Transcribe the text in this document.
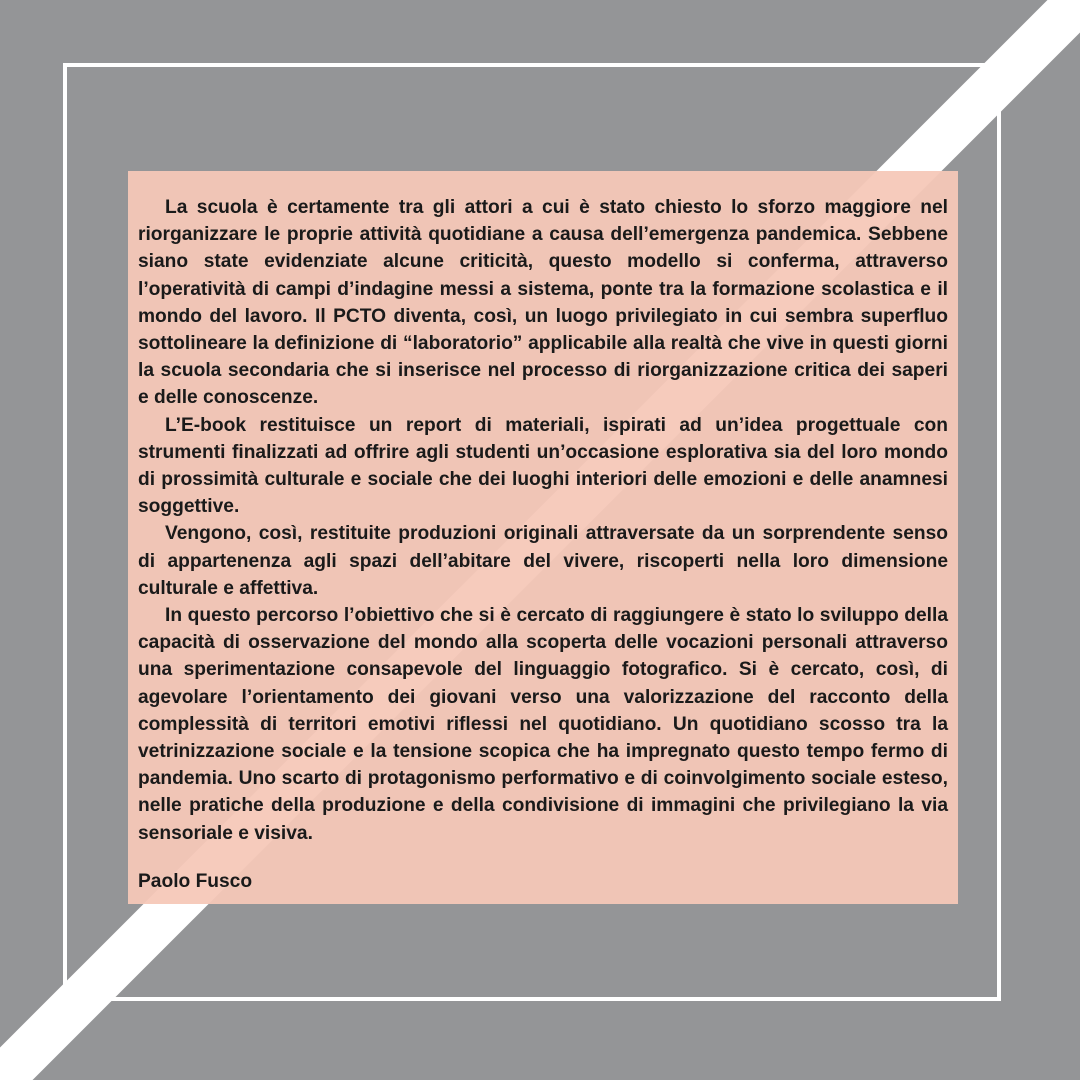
La scuola è certamente tra gli attori a cui è stato chiesto lo sforzo maggiore nel riorganizzare le proprie attività quotidiane a causa dell’emergenza pandemica. Sebbene siano state evidenziate alcune criticità, questo modello si conferma, attraverso l’operatività di campi d’indagine messi a sistema, ponte tra la formazione scolastica e il mondo del lavoro. Il PCTO diventa, così, un luogo privilegiato in cui sembra superfluo sottolineare la definizione di “laboratorio” applicabile alla realtà che vive in questi giorni la scuola secondaria che si inserisce nel processo di riorganizzazione critica dei saperi e delle conoscenze.

L’E-book restituisce un report di materiali, ispirati ad un’idea progettuale con strumenti finalizzati ad offrire agli studenti un’occasione esplorativa sia del loro mondo di prossimità culturale e sociale che dei luoghi interiori delle emozioni e delle anamnesi soggettive.

Vengono, così, restituite produzioni originali attraversate da un sorprendente senso di appartenenza agli spazi dell’abitare del vivere, riscoperti nella loro dimensione culturale e affettiva.

In questo percorso l’obiettivo che si è cercato di raggiungere è stato lo sviluppo della capacità di osservazione del mondo alla scoperta delle vocazioni personali attraverso una sperimentazione consapevole del linguaggio fotografico. Si è cercato, così, di agevolare l’orientamento dei giovani verso una valorizzazione del racconto della complessità di territori emotivi riflessi nel quotidiano. Un quotidiano scosso tra la vetrinizzazione sociale e la tensione scopica che ha impregnato questo tempo fermo di pandemia. Uno scarto di protagonismo performativo e di coinvolgimento sociale esteso, nelle pratiche della produzione e della condivisione di immagini che privilegiano la via sensoriale e visiva.

Paolo Fusco
